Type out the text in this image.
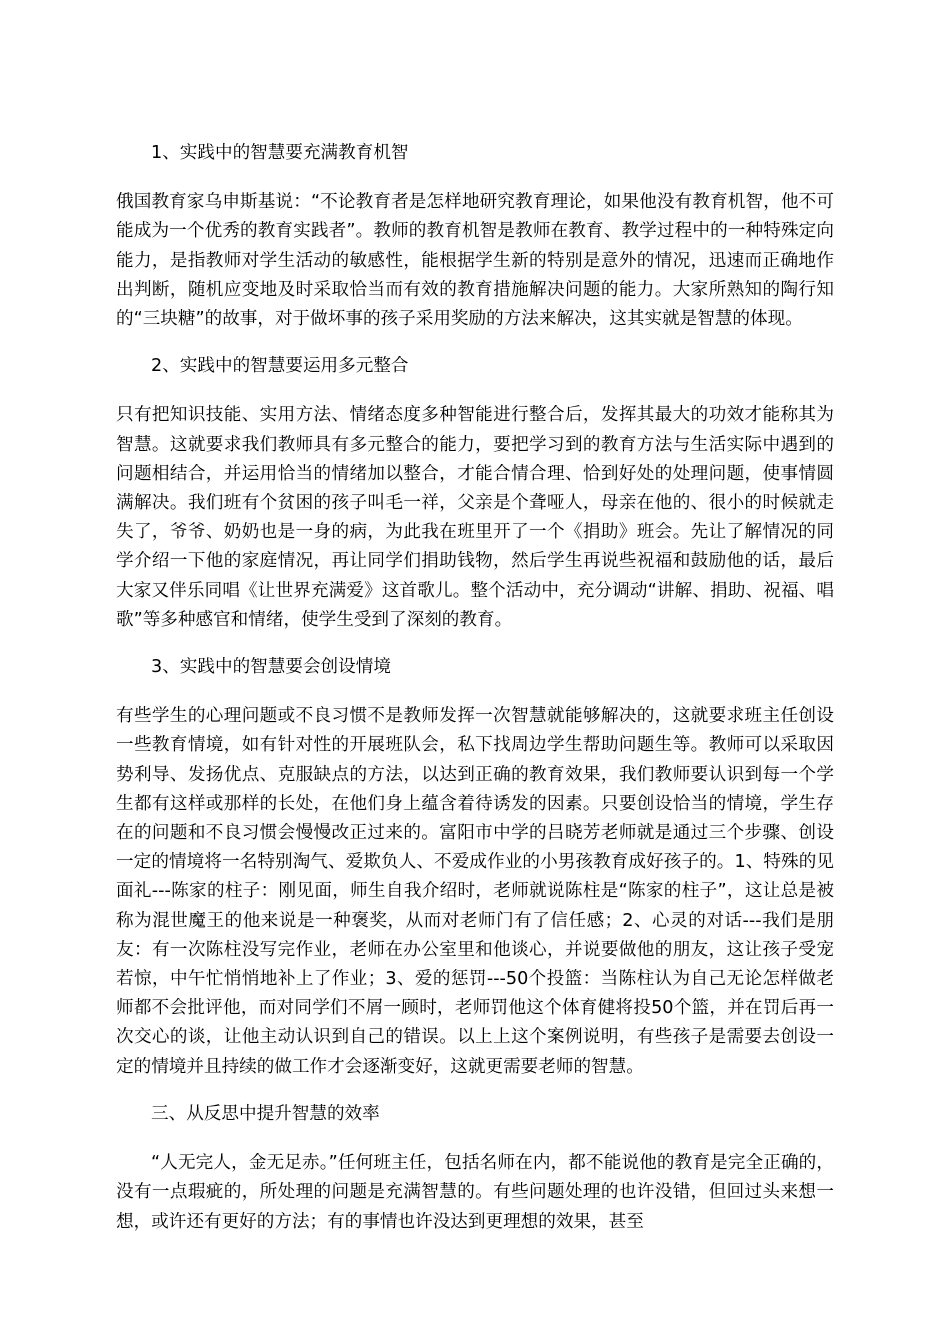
1、实践中的智慧要充满教育机智

俄国教育家乌申斯基说：“不论教育者是怎样地研究教育理论，如果他没有教育机智，他不可能成为一个优秀的教育实践者”。教师的教育机智是教师在教育、教学过程中的一种特殊定向能力，是指教师对学生活动的敏感性，能根据学生新的特别是意外的情况，迅速而正确地作出判断，随机应变地及时采取恰当而有效的教育措施解决问题的能力。大家所熟知的陶行知的“三块糖”的故事，对于做坏事的孩子采用奖励的方法来解决，这其实就是智慧的体现。

2、实践中的智慧要运用多元整合

只有把知识技能、实用方法、情绪态度多种智能进行整合后，发挥其最大的功效才能称其为智慧。这就要求我们教师具有多元整合的能力，要把学习到的教育方法与生活实际中遇到的问题相结合，并运用恰当的情绪加以整合，才能合情合理、恰到好处的处理问题，使事情圆满解决。我们班有个贫困的孩子叫毛一祥，父亲是个聋哑人，母亲在他的、很小的时候就走失了，爷爷、奶奶也是一身的病，为此我在班里开了一个《捐助》班会。先让了解情况的同学介绍一下他的家庭情况，再让同学们捐助钱物，然后学生再说些祝福和鼓励他的话，最后大家又伴乐同唱《让世界充满爱》这首歌儿。整个活动中，充分调动“讲解、捐助、祝福、唱歌”等多种感官和情绪，使学生受到了深刻的教育。

3、实践中的智慧要会创设情境

有些学生的心理问题或不良习惯不是教师发挥一次智慧就能够解决的，这就要求班主任创设一些教育情境，如有针对性的开展班队会，私下找周边学生帮助问题生等。教师可以采取因势利导、发扬优点、克服缺点的方法，以达到正确的教育效果，我们教师要认识到每一个学生都有这样或那样的长处，在他们身上蕴含着待诱发的因素。只要创设恰当的情境，学生存在的问题和不良习惯会慢慢改正过来的。富阳市中学的吕晓芳老师就是通过三个步骤、创设一定的情境将一名特别淘气、爱欺负人、不爱成作业的小男孩教育成好孩子的。1、特殊的见面礼---陈家的柱子：刚见面，师生自我介绍时，老师就说陈柱是“陈家的柱子”，这让总是被称为混世魔王的他来说是一种褒奖，从而对老师门有了信任感；2、心灵的对话---我们是朋友：有一次陈柱没写完作业，老师在办公室里和他谈心，并说要做他的朋友，这让孩子受宠若惊，中午忙悄悄地补上了作业；3、爱的惩罚---50个投篮：当陈柱认为自己无论怎样做老师都不会批评他，而对同学们不屑一顾时，老师罚他这个体育健将投50个篮，并在罚后再一次交心的谈，让他主动认识到自己的错误。以上上这个案例说明，有些孩子是需要去创设一定的情境并且持续的做工作才会逐渐变好，这就更需要老师的智慧。

三、从反思中提升智慧的效率

“人无完人，金无足赤。”任何班主任，包括名师在内，都不能说他的教育是完全正确的，没有一点瑕疵的，所处理的问题是充满智慧的。有些问题处理的也许没错，但回过头来想一想，或许还有更好的方法；有的事情也许没达到更理想的效果，甚至
